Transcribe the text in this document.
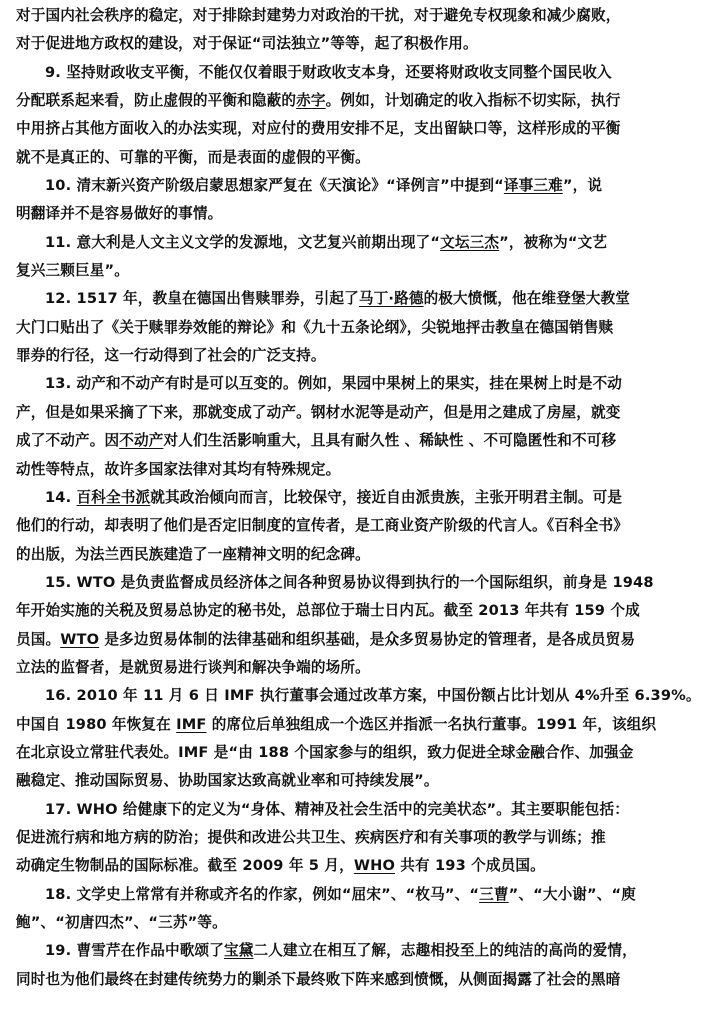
对于国内社会秩序的稳定，对于排除封建势力对政治的干扰，对于避免专权现象和减少腐败，
对于促进地方政权的建设，对于保证“司法独立”等等，起了积极作用。
9. 坚持财政收支平衡，不能仅仅着眼于财政收支本身，还要将财政收支同整个国民收入
分配联系起来看，防止虚假的平衡和隐蔽的赤字。例如，计划确定的收入指标不切实际，执行
中用挤占其他方面收入的办法实现，对应付的费用安排不足，支出留缺口等，这样形成的平衡
就不是真正的、可靠的平衡，而是表面的虚假的平衡。
10. 清末新兴资产阶级启蒙思想家严复在《天演论》“译例言”中提到“译事三难”，说
明翻译并不是容易做好的事情。
11. 意大利是人文主义文学的发源地，文艺复兴前期出现了“文坛三杰”，被称为“文艺
复兴三颗巨星”。
12. 1517 年，教皇在德国出售赎罪券，引起了马丁·路德的极大愤慨，他在维登堡大教堂
大门口贴出了《关于赎罪券效能的辩论》和《九十五条论纲》，尖锐地抨击教皇在德国销售赎
罪券的行径，这一行动得到了社会的广泛支持。
13. 动产和不动产有时是可以互变的。例如，果园中果树上的果实，挂在果树上时是不动
产，但是如果采摘了下来，那就变成了动产。钢材水泥等是动产，但是用之建成了房屋，就变
成了不动产。因不动产对人们生活影响重大，且具有耐久性 、稀缺性 、不可隐匿性和不可移
动性等特点，故许多国家法律对其均有特殊规定。
14. 百科全书派就其政治倾向而言，比较保守，接近自由派贵族，主张开明君主制。可是
他们的行动，却表明了他们是否定旧制度的宣传者，是工商业资产阶级的代言人。《百科全书》
的出版，为法兰西民族建造了一座精神文明的纪念碑。
15. WTO 是负责监督成员经济体之间各种贸易协议得到执行的一个国际组织，前身是 1948
年开始实施的关税及贸易总协定的秘书处，总部位于瑞士日内瓦。截至 2013 年共有 159 个成
员国。WTO 是多边贸易体制的法律基础和组织基础，是众多贸易协定的管理者，是各成员贸易
立法的监督者，是就贸易进行谈判和解决争端的场所。
16. 2010 年 11 月 6 日 IMF 执行董事会通过改革方案，中国份额占比计划从 4%升至 6.39%。
中国自 1980 年恢复在 IMF 的席位后单独组成一个选区并指派一名执行董事。1991 年，该组织
在北京设立常驻代表处。IMF 是“由 188 个国家参与的组织，致力促进全球金融合作、加强金
融稳定、推动国际贸易、协助国家达致高就业率和可持续发展”。
17. WHO 给健康下的定义为“身体、精神及社会生活中的完美状态”。其主要职能包括：
促进流行病和地方病的防治；提供和改进公共卫生、疾病医疗和有关事项的教学与训练；推
动确定生物制品的国际标准。截至 2009 年 5 月，WHO 共有 193 个成员国。
18. 文学史上常常有并称或齐名的作家，例如“屈宋”、“枚马”、“三曹”、“大小谢”、“庾
鲍”、“初唐四杰”、“三苏”等。
19. 曹雪芹在作品中歌颂了宝黛二人建立在相互了解，志趣相投至上的纯洁的高尚的爱情，
同时也为他们最终在封建传统势力的剿杀下最终败下阵来感到愤慨，从侧面揭露了社会的黑暗
